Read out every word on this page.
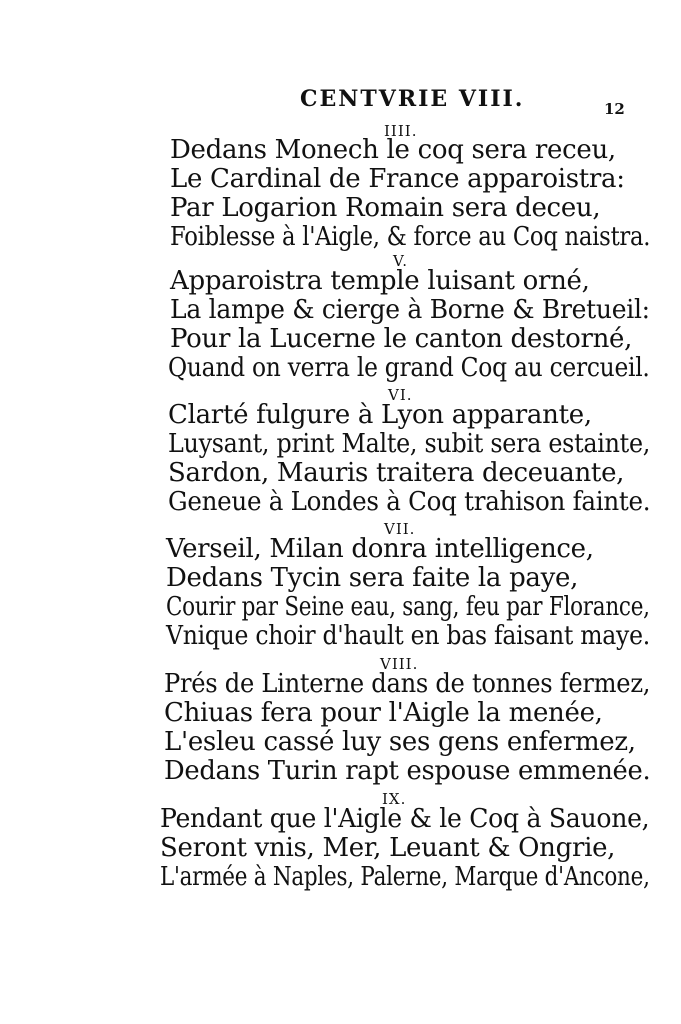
CENTVRIE VIII.	12
IIII.
Dedans Monech le coq sera receu,
Le Cardinal de France apparoistra:
Par Logarion Romain sera deceu,
Foiblesse à l'Aigle, & force au Coq naistra.
V.
Apparoistra temple luisant orné,
La lampe & cierge à Borne & Bretueil:
Pour la Lucerne le canton destorné,
Quand on verra le grand Coq au cercueil.
VI.
Clarté fulgure à Lyon apparante,
Luysant, print Malte, subit sera estainte,
Sardon, Mauris traitera deceuante,
Geneue à Londes à Coq trahison fainte.
VII.
Verseil, Milan donra intelligence,
Dedans Tycin sera faite la paye,
Courir par Seine eau, sang, feu par Florance,
Vnique choir d'hault en bas faisant maye.
VIII.
Prés de Linterne dans de tonnes fermez,
Chiuas fera pour l'Aigle la menée,
L'esleu cassé luy ses gens enfermez,
Dedans Turin rapt espouse emmenée.
IX.
Pendant que l'Aigle & le Coq à Sauone,
Seront vnis, Mer, Leuant & Ongrie,
L'armée à Naples, Palerne, Marque d'Ancone,
